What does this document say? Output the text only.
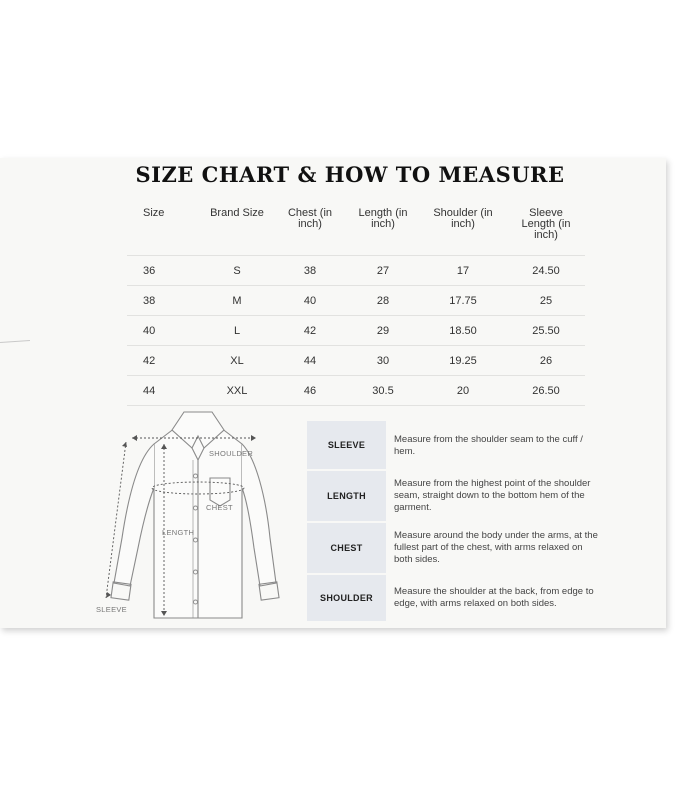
SIZE CHART & HOW TO MEASURE
Size	Brand Size	Chest (in inch)	Length (in inch)	Shoulder (in inch)	Sleeve Length (in inch)
36	S	38	27	17	24.50
38	M	40	28	17.75	25
40	L	42	29	18.50	25.50
42	XL	44	30	19.25	26
44	XXL	46	30.5	20	26.50
SHOULDER
CHEST
LENGTH
SLEEVE
SLEEVE	Measure from the shoulder seam to the cuff / hem.
LENGTH	Measure from the highest point of the shoulder seam, straight down to the bottom hem of the garment.
CHEST	Measure around the body under the arms, at the fullest part of the chest, with arms relaxed on both sides.
SHOULDER	Measure the shoulder at the back, from edge to edge, with arms relaxed on both sides.
